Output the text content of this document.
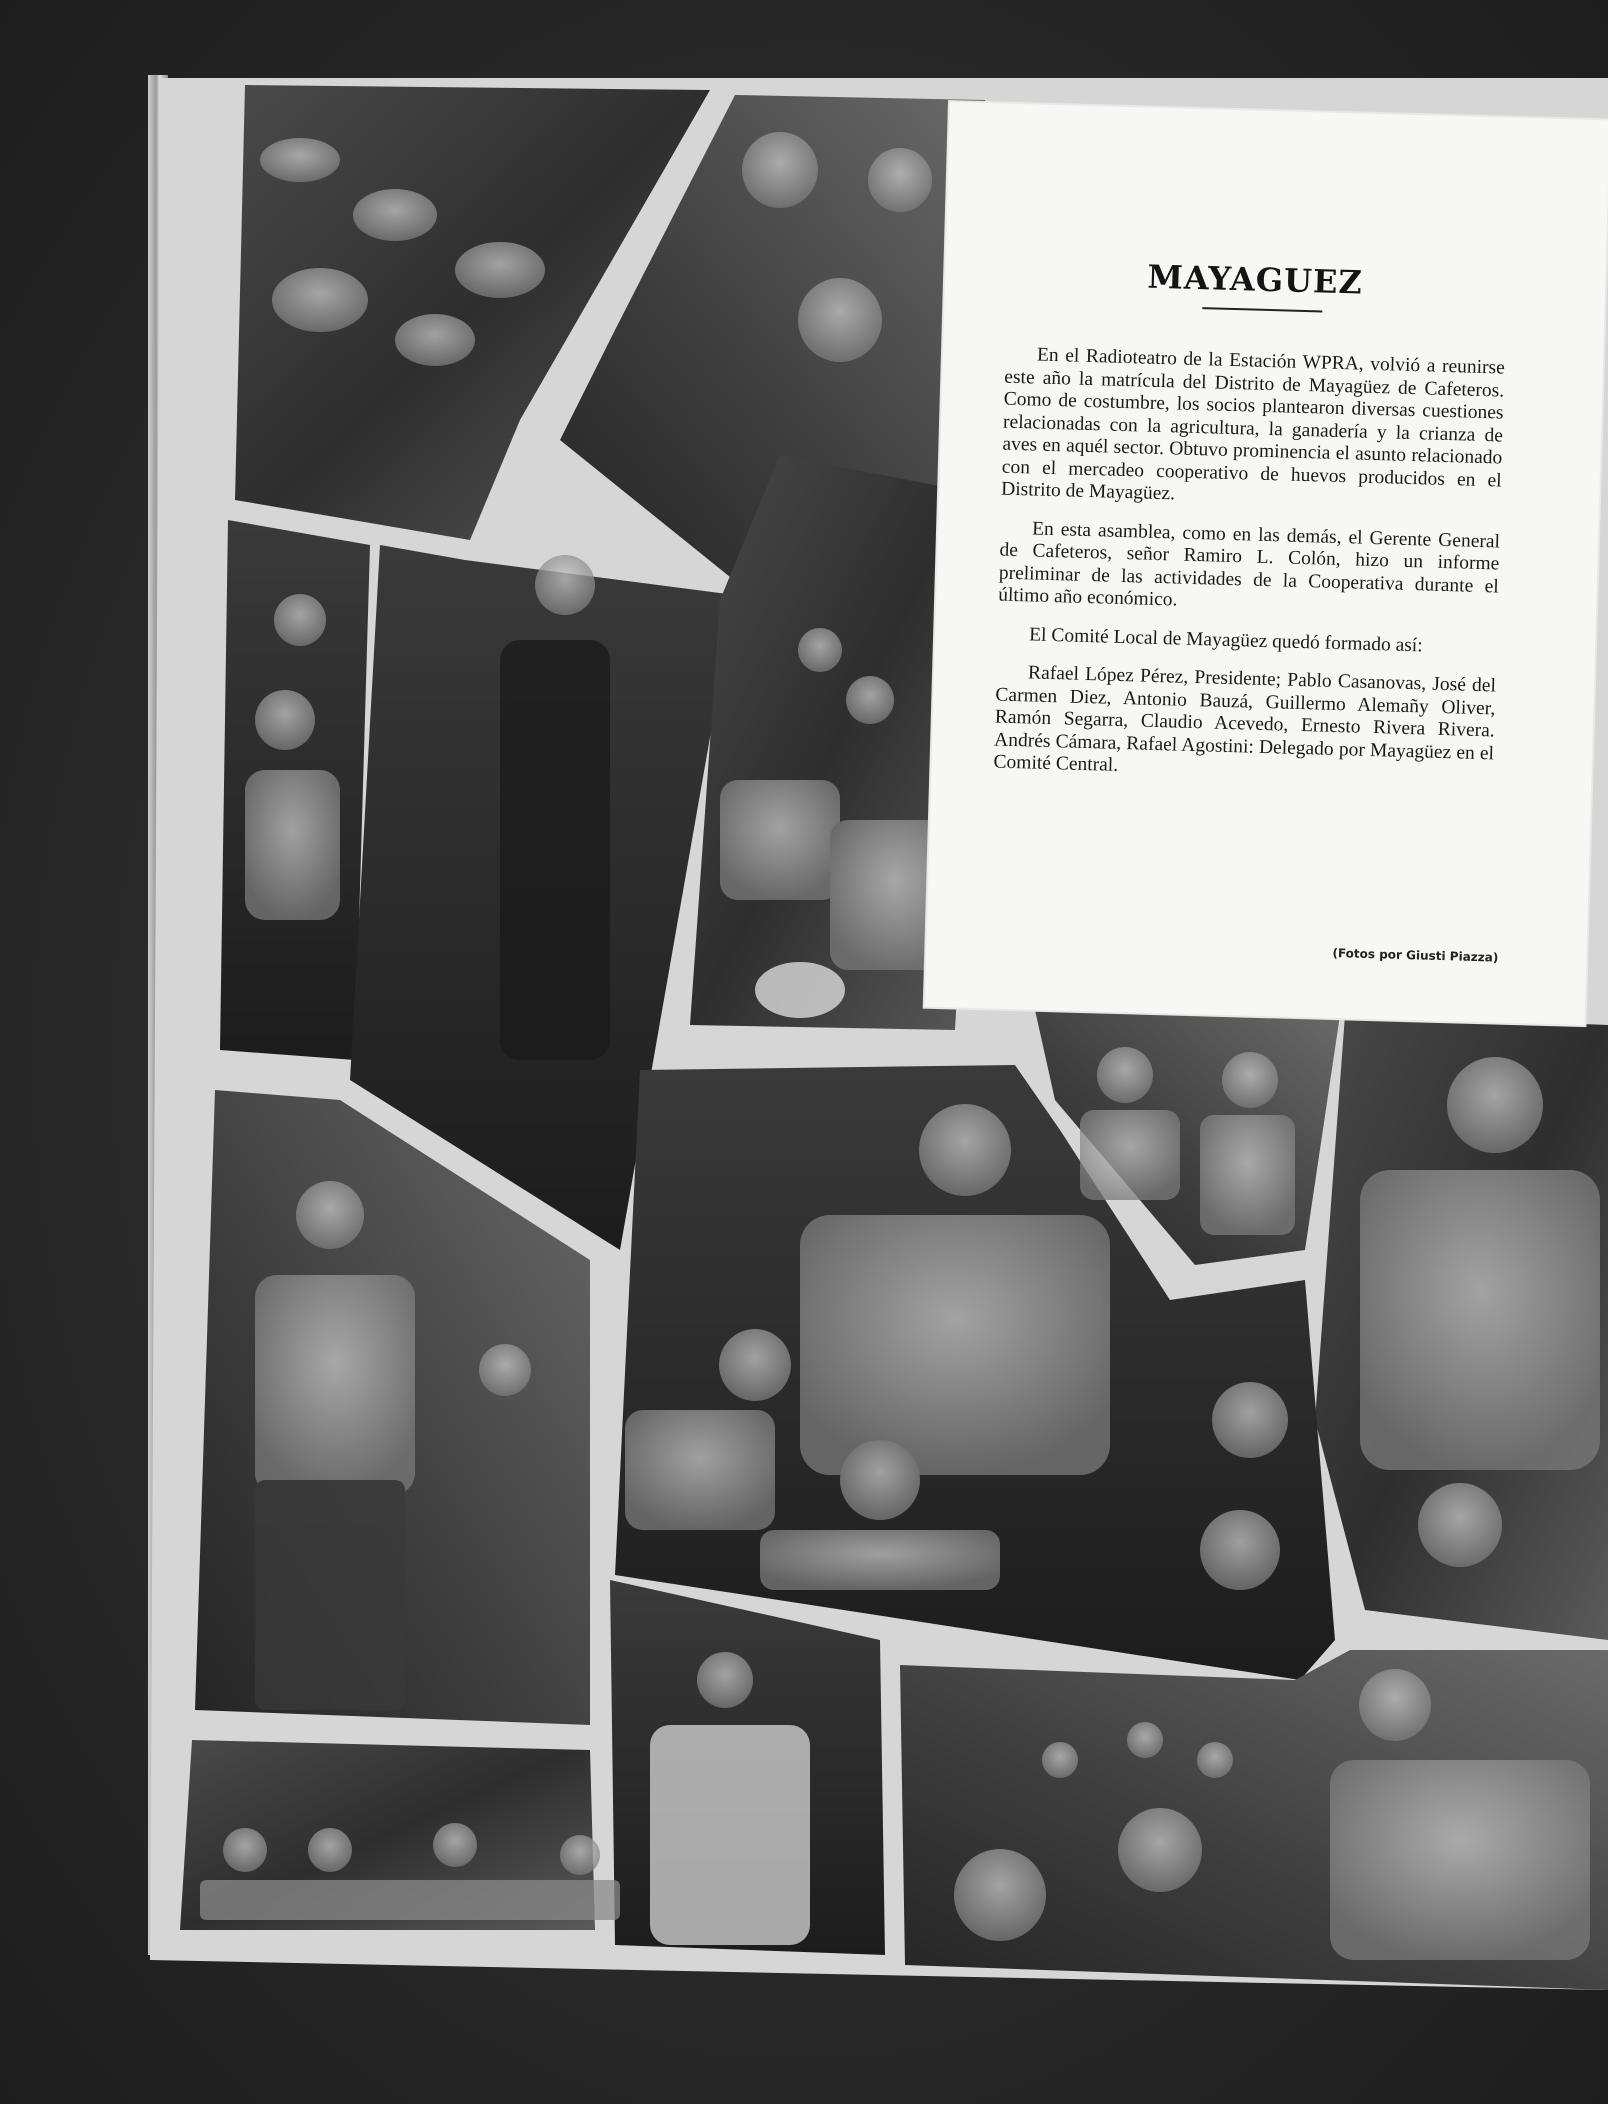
MAYAGUEZ

En el Radioteatro de la Estación WPRA, volvió a reunirse este año la matrícula del Distrito de Mayagüez de Cafeteros. Como de costumbre, los socios plantearon diversas cuestiones relacionadas con la agricultura, la ganadería y la crianza de aves en aquél sector. Obtuvo prominencia el asunto relacionado con el mercadeo cooperativo de huevos producidos en el Distrito de Mayagüez.

En esta asamblea, como en las demás, el Gerente General de Cafeteros, señor Ramiro L. Colón, hizo un informe preliminar de las actividades de la Cooperativa durante el último año económico.

El Comité Local de Mayagüez quedó formado así:

Rafael López Pérez, Presidente; Pablo Casanovas, José del Carmen Diez, Antonio Bauzá, Guillermo Alemañy Oliver, Ramón Segarra, Claudio Acevedo, Ernesto Rivera Rivera. Andrés Cámara, Rafael Agostini: Delegado por Mayagüez en el Comité Central.

(Fotos por Giusti Piazza)
